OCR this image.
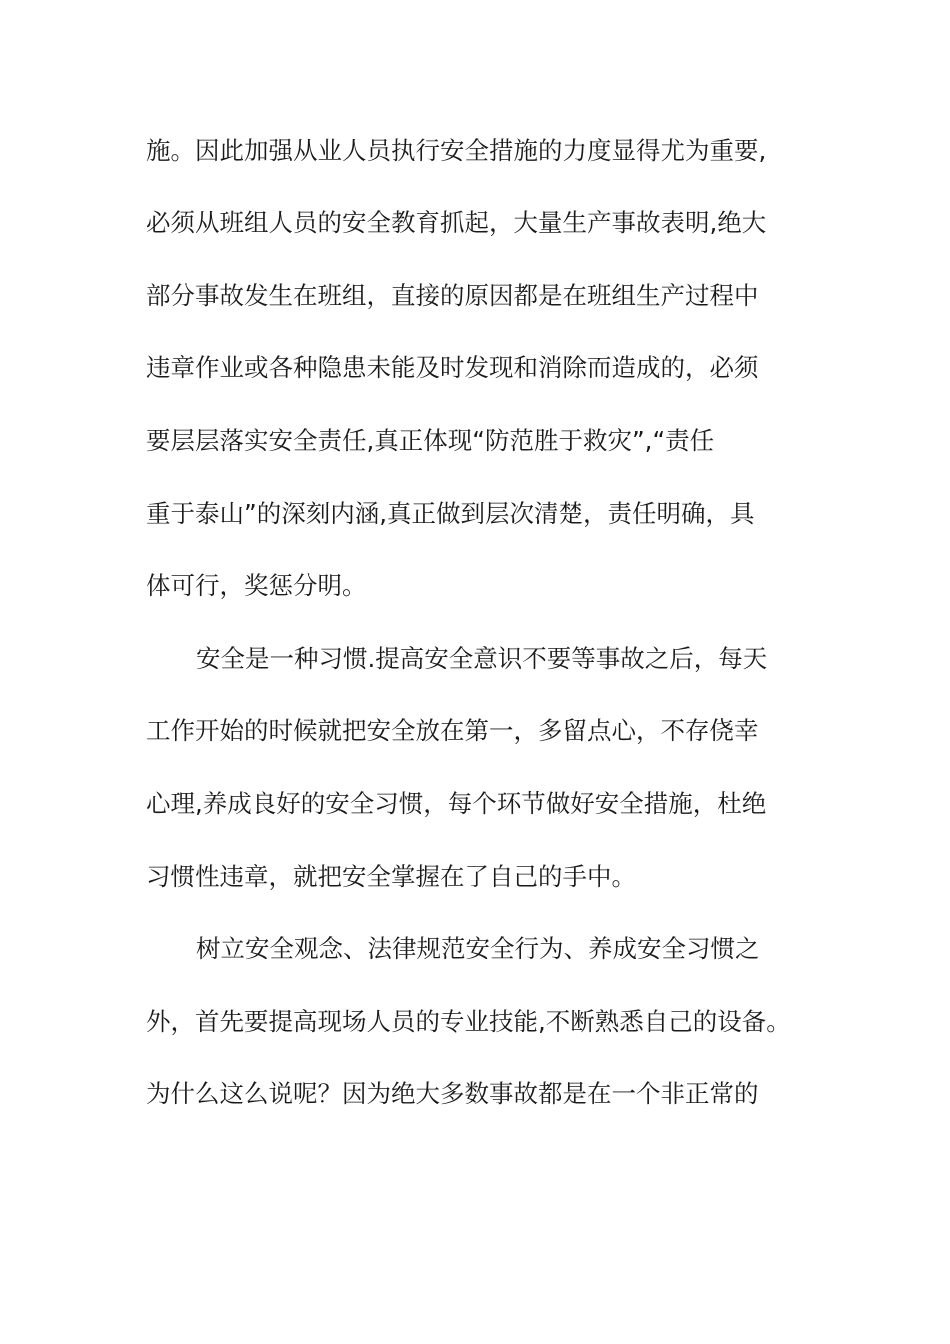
施。因此加强从业人员执行安全措施的力度显得尤为重要,
必须从班组人员的安全教育抓起，大量生产事故表明,绝大
部分事故发生在班组，直接的原因都是在班组生产过程中
违章作业或各种隐患未能及时发现和消除而造成的，必须
要层层落实安全责任,真正体现“防范胜于救灾”,“责任
重于泰山”的深刻内涵,真正做到层次清楚，责任明确，具
体可行，奖惩分明。
安全是一种习惯.提高安全意识不要等事故之后，每天
工作开始的时候就把安全放在第一，多留点心，不存侥幸
心理,养成良好的安全习惯，每个环节做好安全措施，杜绝
习惯性违章，就把安全掌握在了自己的手中。
树立安全观念、法律规范安全行为、养成安全习惯之
外，首先要提高现场人员的专业技能,不断熟悉自己的设备。
为什么这么说呢？因为绝大多数事故都是在一个非正常的
